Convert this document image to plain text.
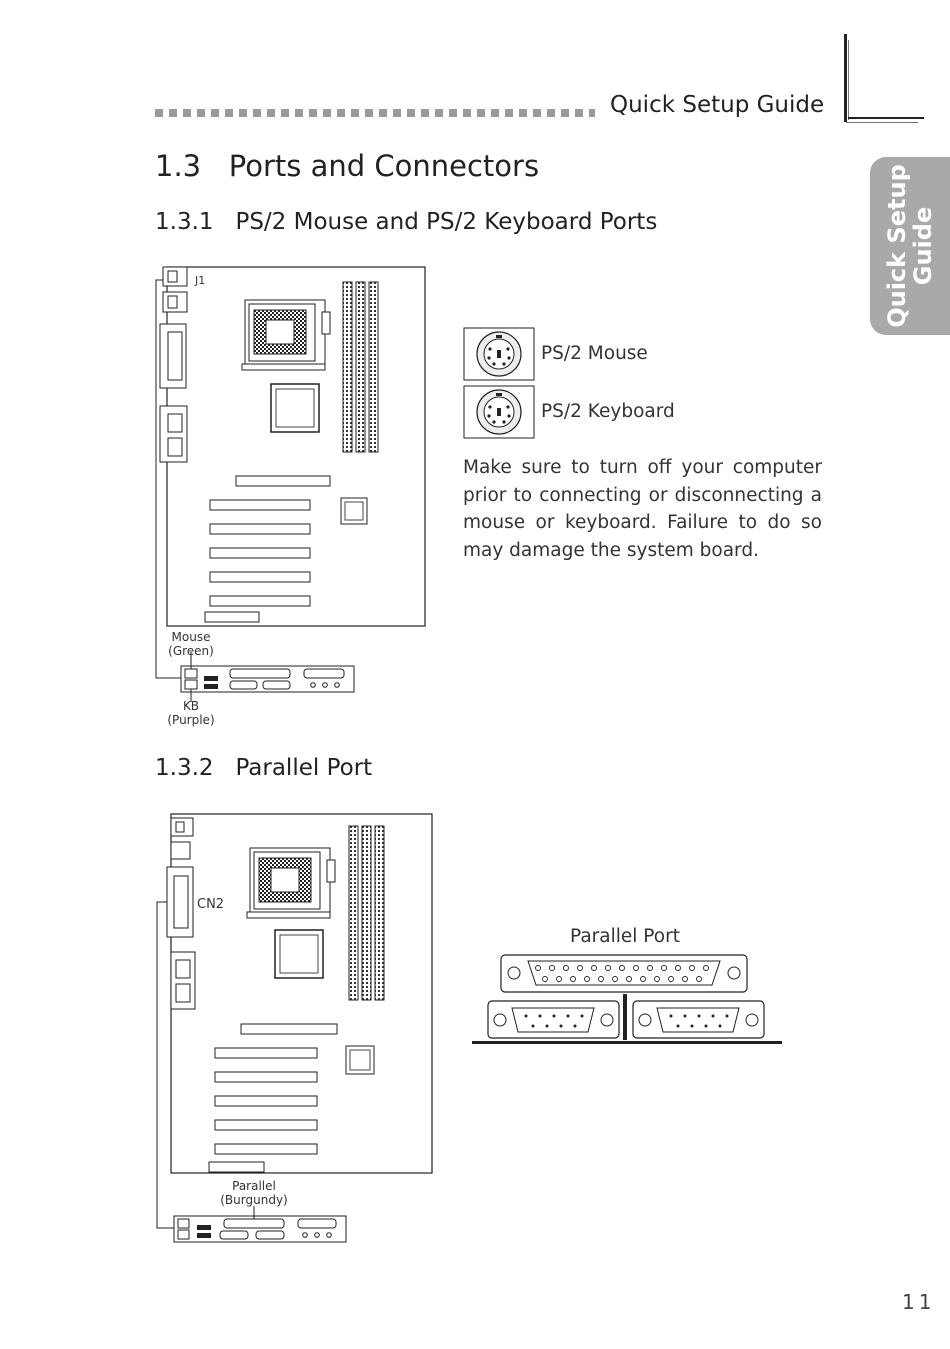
Quick Setup Guide
Quick Setup
Guide
1.3   Ports and Connectors
1.3.1   PS/2 Mouse and PS/2 Keyboard Ports
1.3.2   Parallel Port
J1
Mouse
(Green)
KB
(Purple)
PS/2 Mouse
PS/2 Keyboard
Make sure to turn off your computer prior to connecting or disconnecting a mouse or keyboard. Failure to do so may damage the system board.
CN2
Parallel
(Burgundy)
Parallel Port
11
